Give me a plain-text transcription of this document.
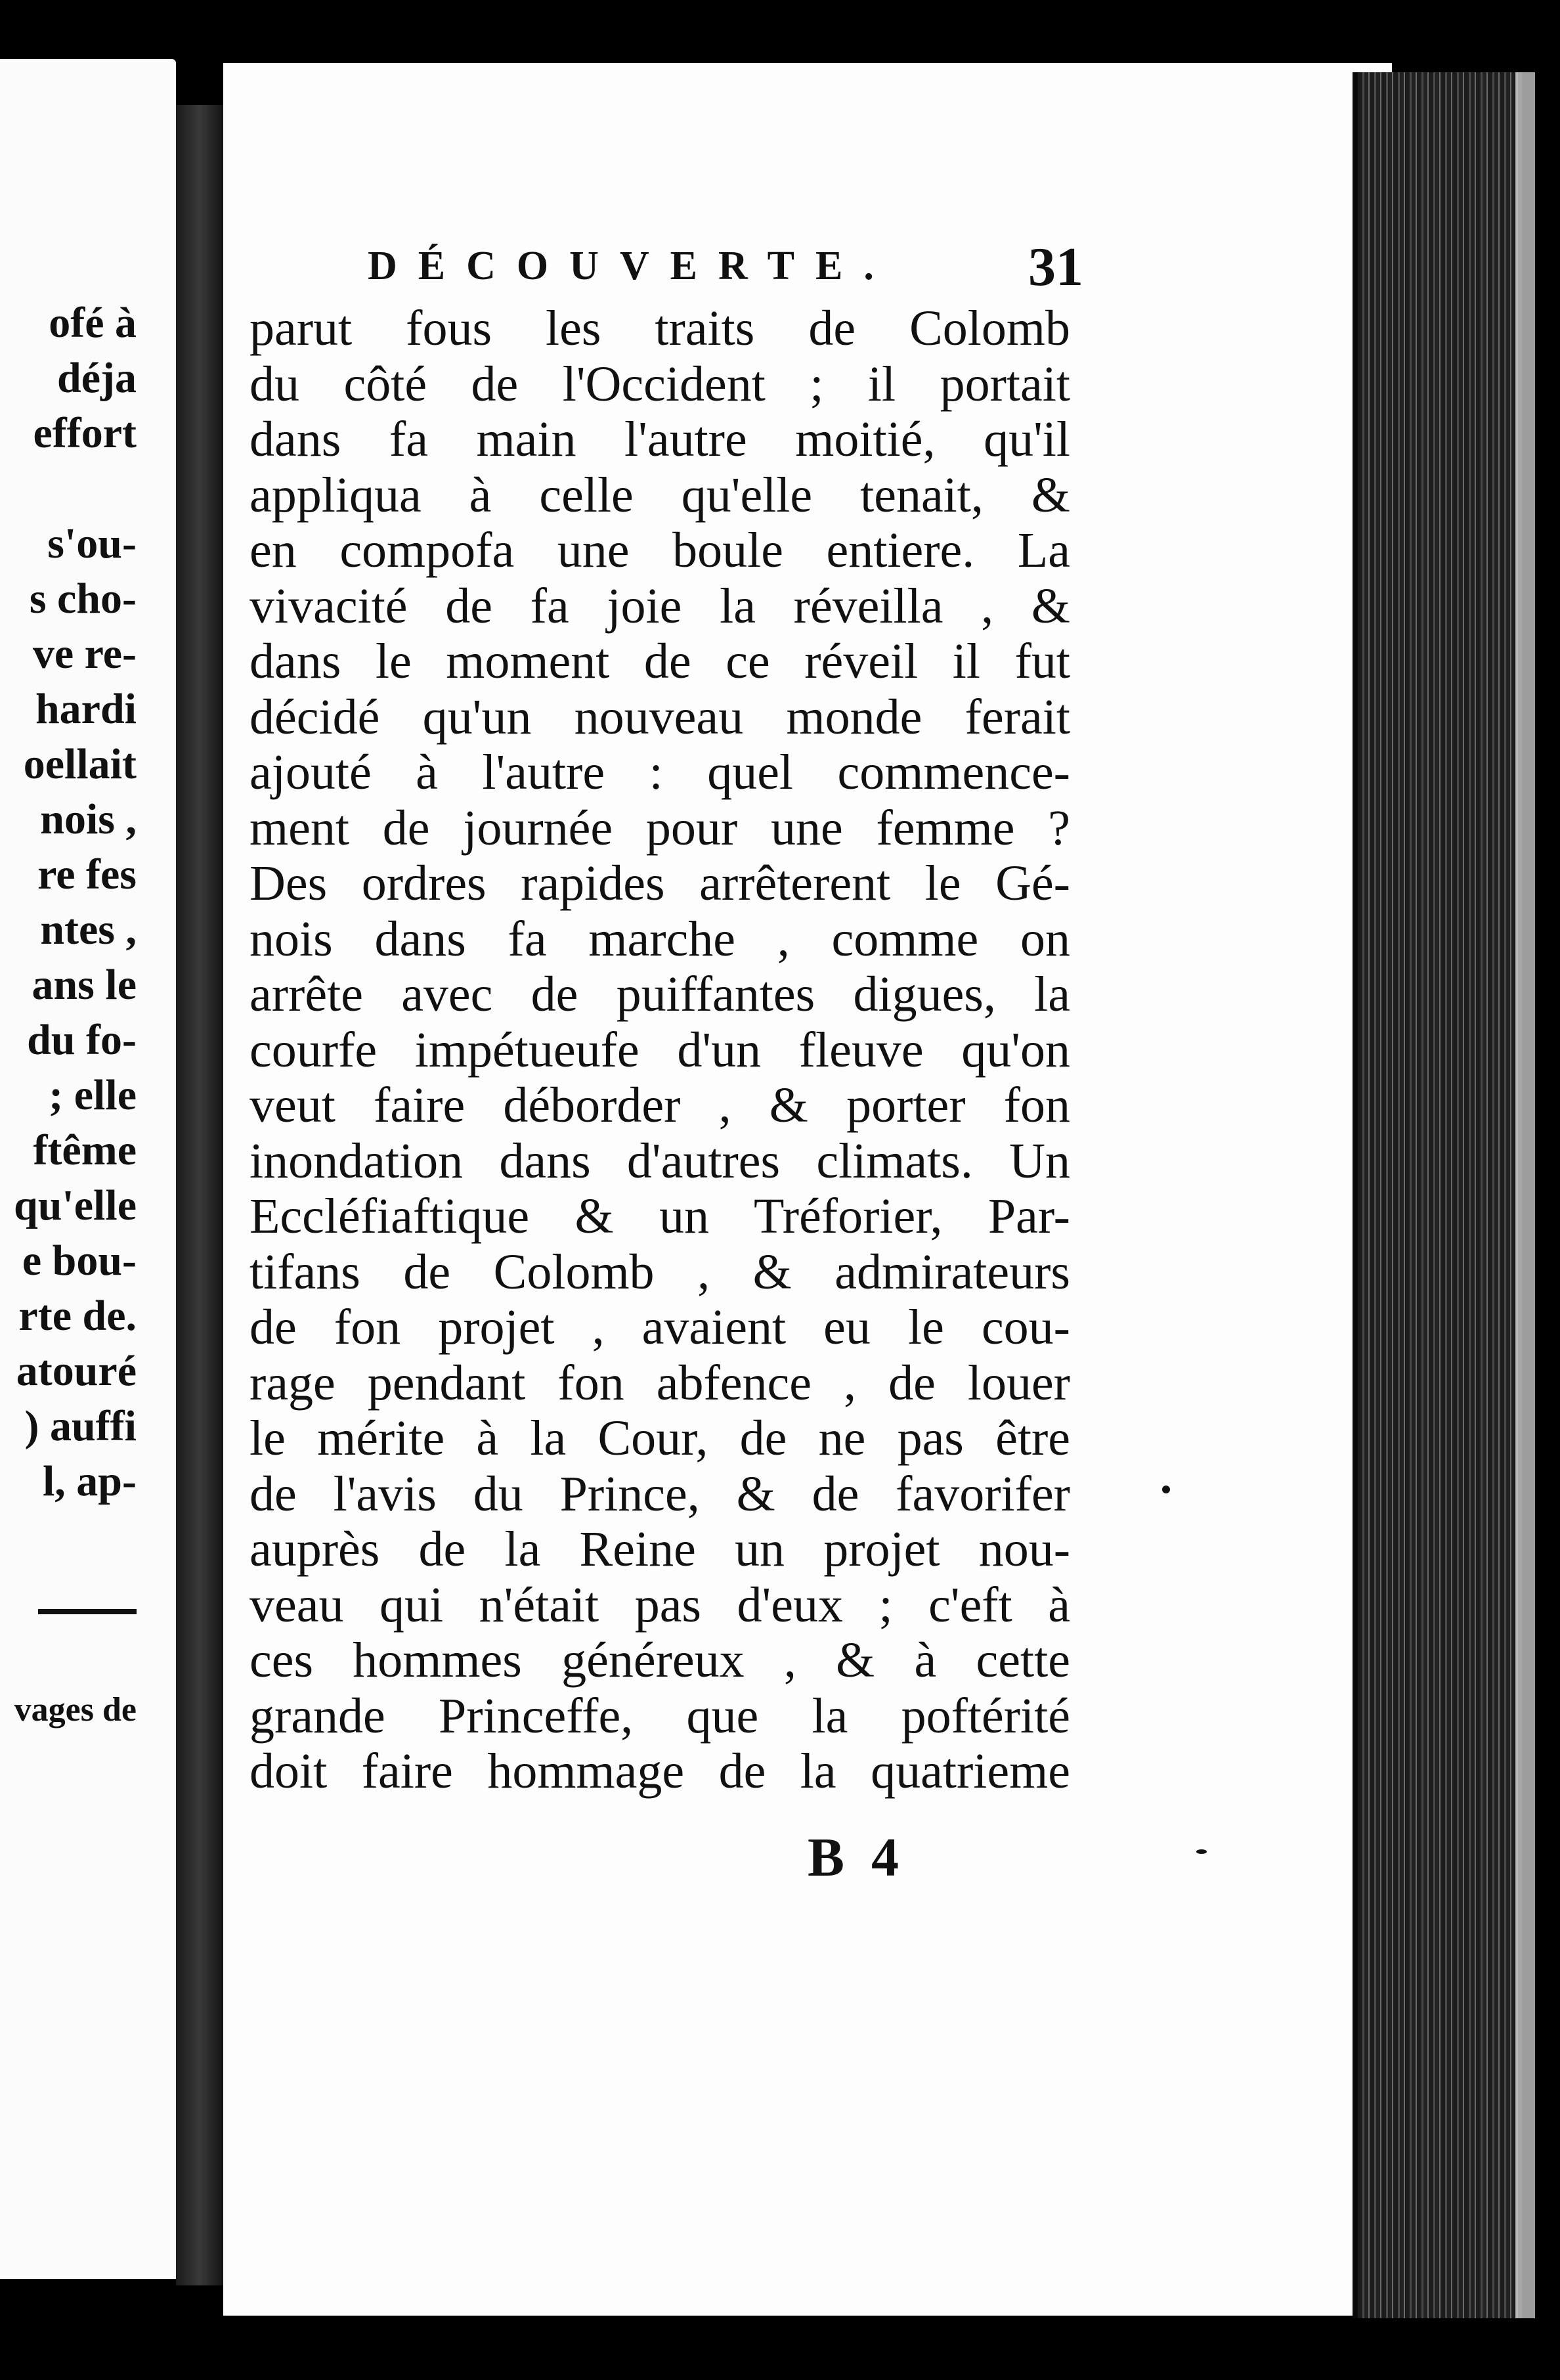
ofé à
déja
effort
s'ou-
s cho-
ve re-
hardi
oellait
nois ,
re fes
ntes ,
ans le
du fo-
; elle
ftême
qu'elle
e bou-
rte de.
atouré
) auffi
l, ap-
vages de
DÉCOUVERTE. 31
parut fous les traits de Colomb
du côté de l'Occident ; il portait
dans fa main l'autre moitié, qu'il
appliqua à celle qu'elle tenait, &
en compofa une boule entiere. La
vivacité de fa joie la réveilla , &
dans le moment de ce réveil il fut
décidé qu'un nouveau monde ferait
ajouté à l'autre : quel commence-
ment de journée pour une femme ?
Des ordres rapides arrêterent le Gé-
nois dans fa marche , comme on
arrête avec de puiffantes digues, la
courfe impétueufe d'un fleuve qu'on
veut faire déborder , & porter fon
inondation dans d'autres climats. Un
Eccléfiaftique & un Tréforier, Par-
tifans de Colomb , & admirateurs
de fon projet , avaient eu le cou-
rage pendant fon abfence , de louer
le mérite à la Cour, de ne pas être
de l'avis du Prince, & de favorifer
auprès de la Reine un projet nou-
veau qui n'était pas d'eux ; c'eft à
ces hommes généreux , & à cette
grande Princeffe, que la poftérité
doit faire hommage de la quatrieme
B 4
